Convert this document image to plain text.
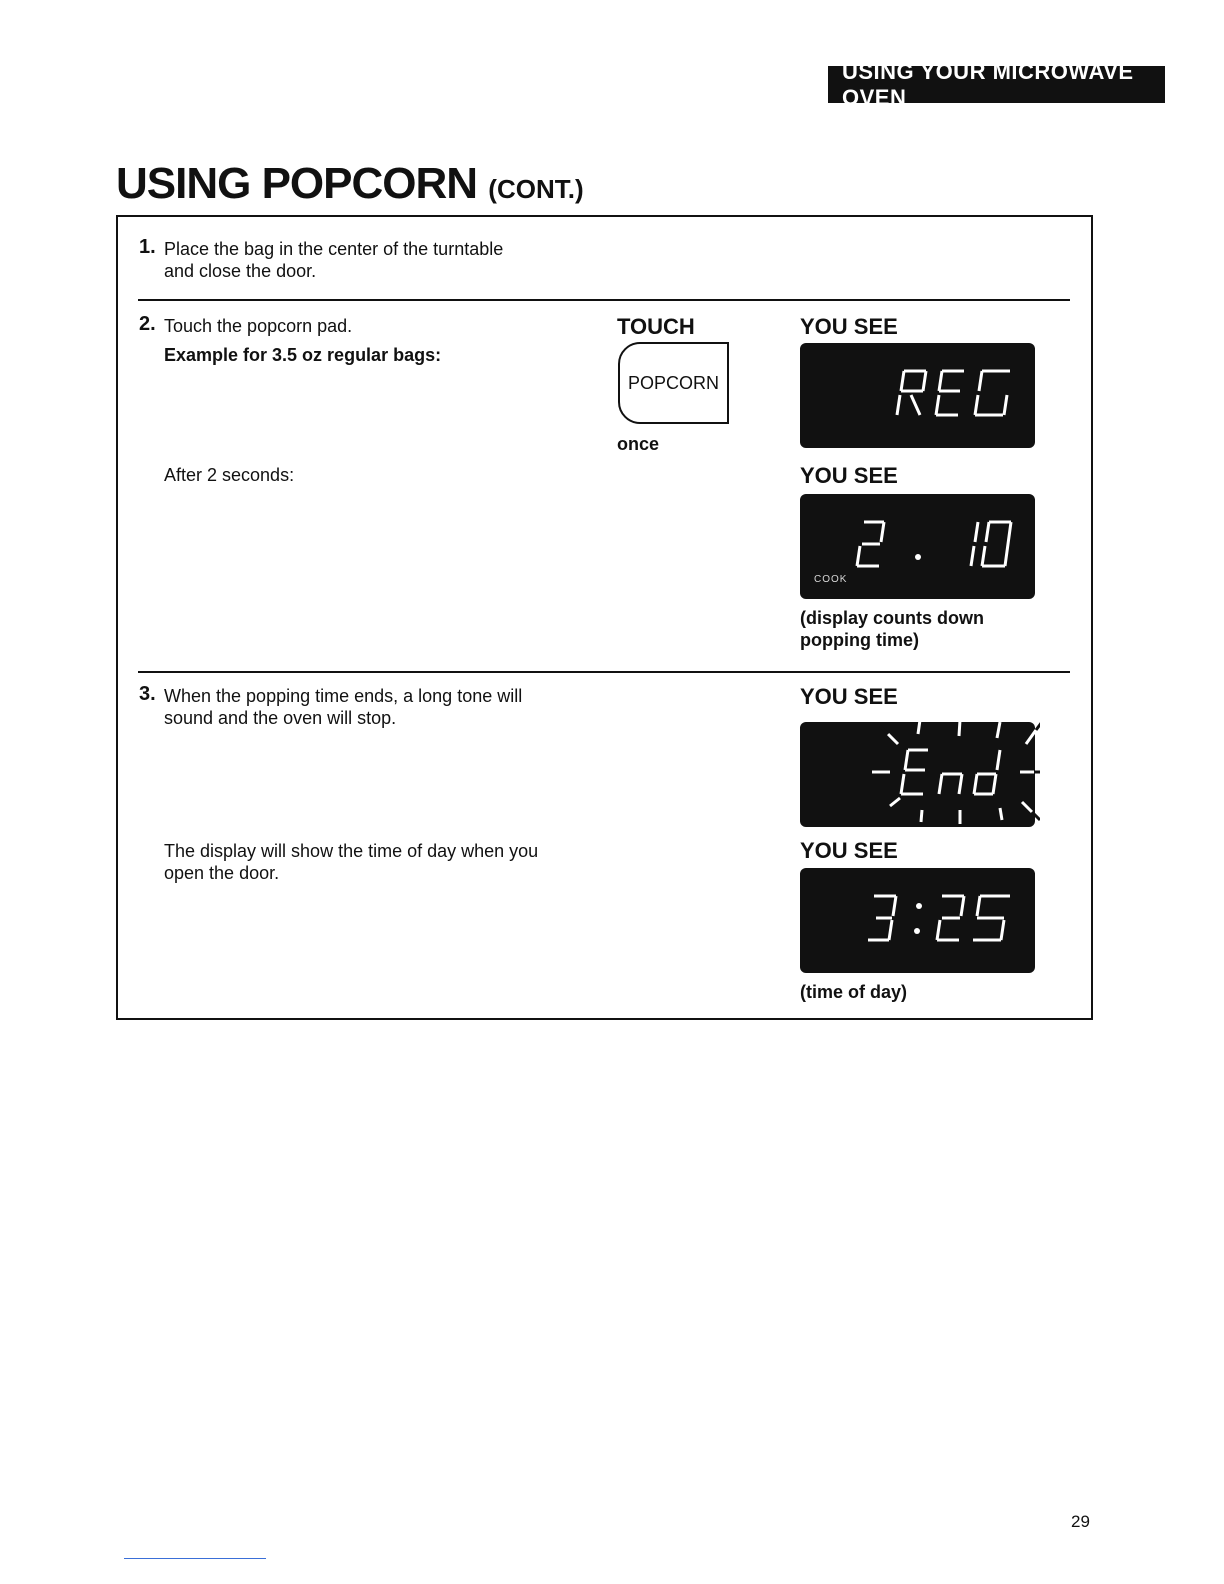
USING YOUR MICROWAVE OVEN
USING POPCORN (CONT.)
1. Place the bag in the center of the turntable
and close the door.
2. Touch the popcorn pad.
Example for 3.5 oz regular bags:
TOUCH
POPCORN
once
YOU SEE
After 2 seconds:	YOU SEE
COOK
(display counts down
popping time)
3. When the popping time ends, a long tone will
sound and the oven will stop.
YOU SEE
The display will show the time of day when you
open the door.
YOU SEE
(time of day)
29
